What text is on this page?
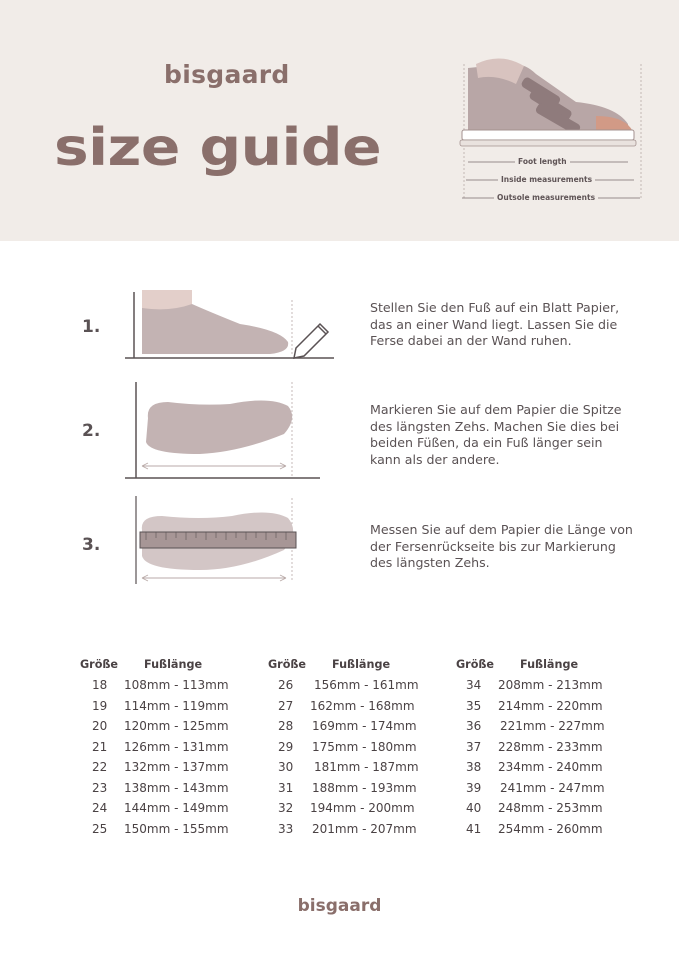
bisgaard
size guide	Foot length
Inside measurements
Outsole measurements
1.
Stellen Sie den Fuß auf ein Blatt Papier, das an einer Wand liegt. Lassen Sie die Ferse dabei an der Wand ruhen.
2.
Markieren Sie auf dem Papier die Spitze des längsten Zehs. Machen Sie dies bei beiden Füßen, da ein Fuß länger sein kann als der andere.
3.
Messen Sie auf dem Papier die Länge von der Fersenrückseite bis zur Markierung des längsten Zehs.
Größe Fußlänge
18 108mm - 113mm
19 114mm - 119mm
20 120mm - 125mm
21 126mm - 131mm
22 132mm - 137mm
23 138mm - 143mm
24 144mm - 149mm
25 150mm - 155mm
Größe Fußlänge
26 156mm - 161mm
27 162mm - 168mm
28 169mm - 174mm
29 175mm - 180mm
30 181mm - 187mm
31 188mm - 193mm
32 194mm - 200mm
33 201mm - 207mm
Größe Fußlänge
34 208mm - 213mm
35 214mm - 220mm
36 221mm - 227mm
37 228mm - 233mm
38 234mm - 240mm
39 241mm - 247mm
40 248mm - 253mm
41 254mm - 260mm
bisgaard
